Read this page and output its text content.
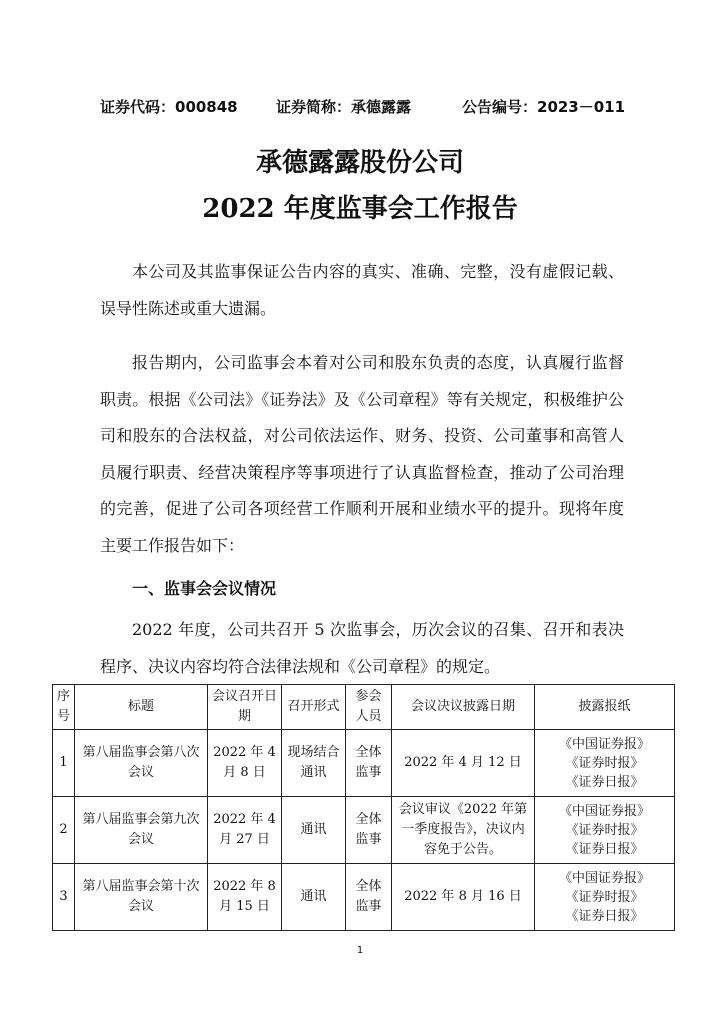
证券代码：000848	证券简称：承德露露	公告编号：2023－011
承德露露股份公司
2022 年度监事会工作报告
本公司及其监事保证公告内容的真实、准确、完整，没有虚假记载、误导性陈述或重大遗漏。
报告期内，公司监事会本着对公司和股东负责的态度，认真履行监督职责。根据《公司法》《证券法》及《公司章程》等有关规定，积极维护公司和股东的合法权益，对公司依法运作、财务、投资、公司董事和高管人员履行职责、经营决策程序等事项进行了认真监督检查，推动了公司治理的完善，促进了公司各项经营工作顺利开展和业绩水平的提升。现将年度主要工作报告如下：
一、监事会会议情况
2022 年度，公司共召开 5 次监事会，历次会议的召集、召开和表决程序、决议内容均符合法律法规和《公司章程》的规定。
序号	标题	会议召开日期	召开形式	参会人员	会议决议披露日期	披露报纸
1	第八届监事会第八次会议	2022 年 4 月 8 日	现场结合通讯	全体监事	2022 年 4 月 12 日	《中国证券报》
《证券时报》
《证券日报》

2	第八届监事会第九次会议	2022 年 4 月 27 日	通讯	全体监事	会议审议《2022 年第一季度报告》，决议内容免于公告。	《中国证券报》
《证券时报》
《证券日报》

3	第八届监事会第十次会议	2022 年 8 月 15 日	通讯	全体监事	2022 年 8 月 16 日	《中国证券报》
《证券时报》
《证券日报》
1
